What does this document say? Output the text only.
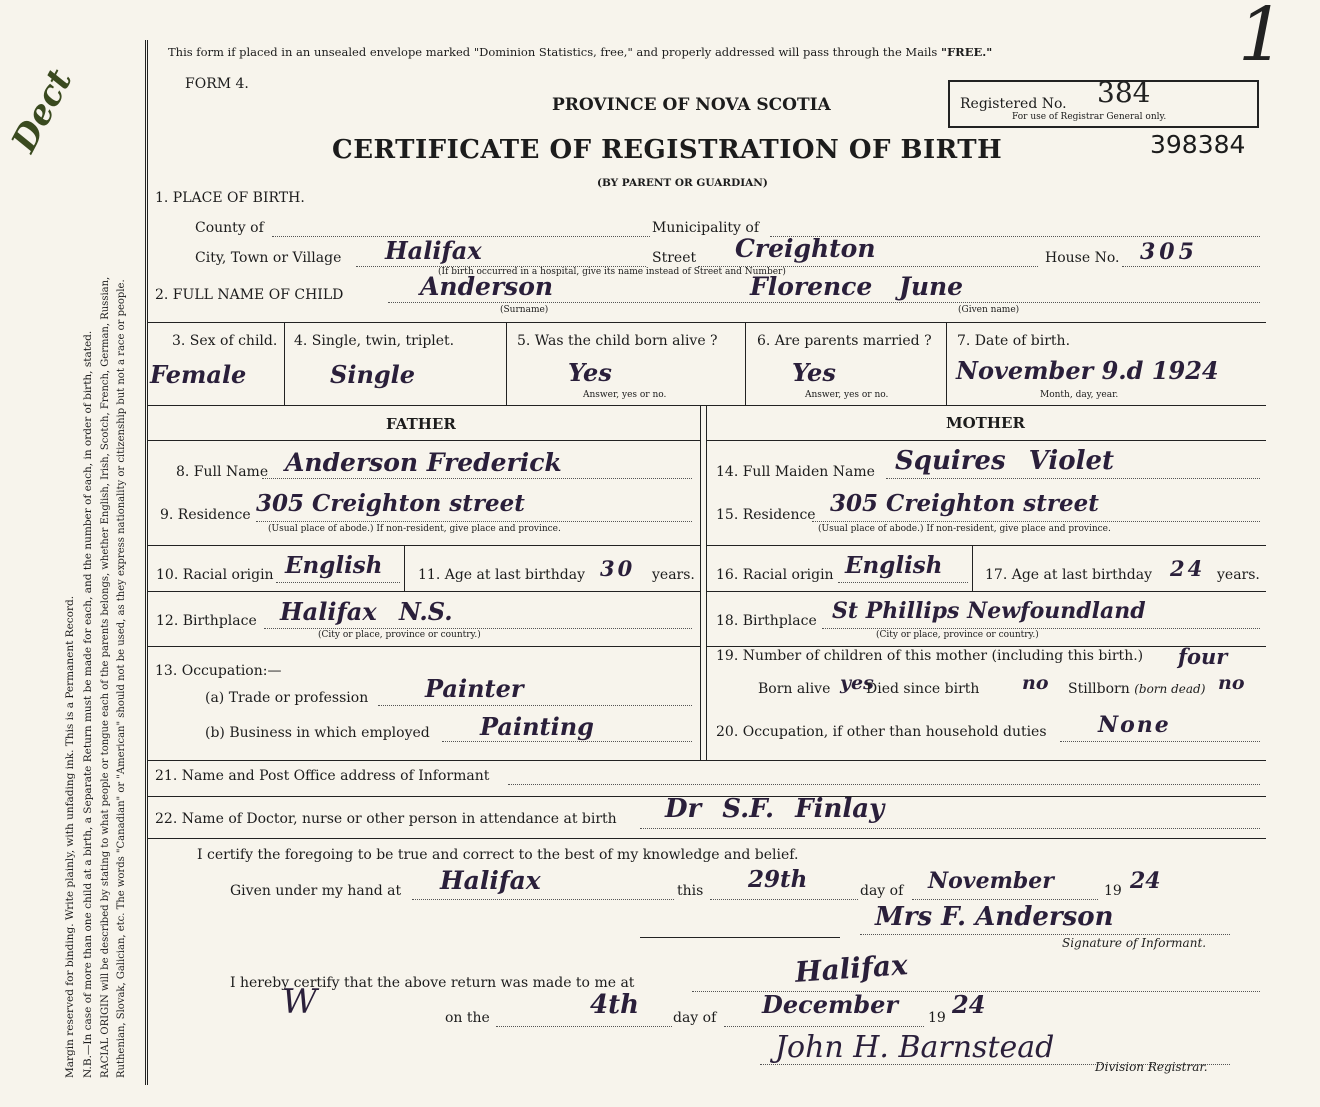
Margin reserved for binding. Write plainly, with unfading ink. This is a Permanent Record. N.B.—In case of more than one child at a birth, a Separate Return must be made for each, and the number of each, in order of birth, stated. RACIAL ORIGIN will be described by stating to what people or tongue each of the parents belongs, whether English, Irish, Scotch, French, German, Russian, Ruthenian, Slovak, Galician, etc. The words "Canadian" or "American" should not be used, as they express nationality or citizenship but not a race or people.
Dect
This form if placed in an unsealed envelope marked "Dominion Statistics, free," and properly addressed will pass through the Mails "FREE."
FORM 4.
PROVINCE OF NOVA SCOTIA
CERTIFICATE OF REGISTRATION OF BIRTH
(BY PARENT OR GUARDIAN)
Registered No. 384
For use of Registrar General only.
398384
1
1. PLACE OF BIRTH.
County of	Municipality of
City, Town or Village Halifax	Street Creighton
(If birth occurred in a hospital, give its name instead of Street and Number)
House No. 305
2. FULL NAME OF CHILD	Anderson
(Surname)
Florence June
(Given name)
3. Sex of child.
Female
4. Single, twin, triplet.
Single
5. Was the child born alive ?
Yes
Answer, yes or no.
6. Are parents married ?
Yes
Answer, yes or no.
7. Date of birth.
November 9.d 1924
Month, day, year.
FATHER	MOTHER
8. Full Name Anderson Frederick
9. Residence 305 Creighton street
(Usual place of abode.) If non-resident, give place and province.
10. Racial origin English	11. Age at last birthday 30 years.
12. Birthplace Halifax N.S.
(City or place, province or country.)
13. Occupation:—
(a) Trade or profession Painter
(b) Business in which employed Painting
14. Full Maiden Name Squires Violet
15. Residence 305 Creighton street
(Usual place of abode.) If non-resident, give place and province.
16. Racial origin English	17. Age at last birthday 24 years.
18. Birthplace St Phillips Newfoundland
(City or place, province or country.)
19. Number of children of this mother (including this birth.) four
Born alive yes
Died since birth no Stillborn (born dead) no
20. Occupation, if other than household duties None
21. Name and Post Office address of Informant
22. Name of Doctor, nurse or other person in attendance at birth Dr S.F. Finlay
I certify the foregoing to be true and correct to the best of my knowledge and belief.
Given under my hand at Halifax	this 29th	day of November	19 24
Mrs F. Anderson
Signature of Informant.
I hereby certify that the above return was made to me at	Halifax
W	on the	4th day of December 19 24
John H. Barnstead
Division Registrar.
